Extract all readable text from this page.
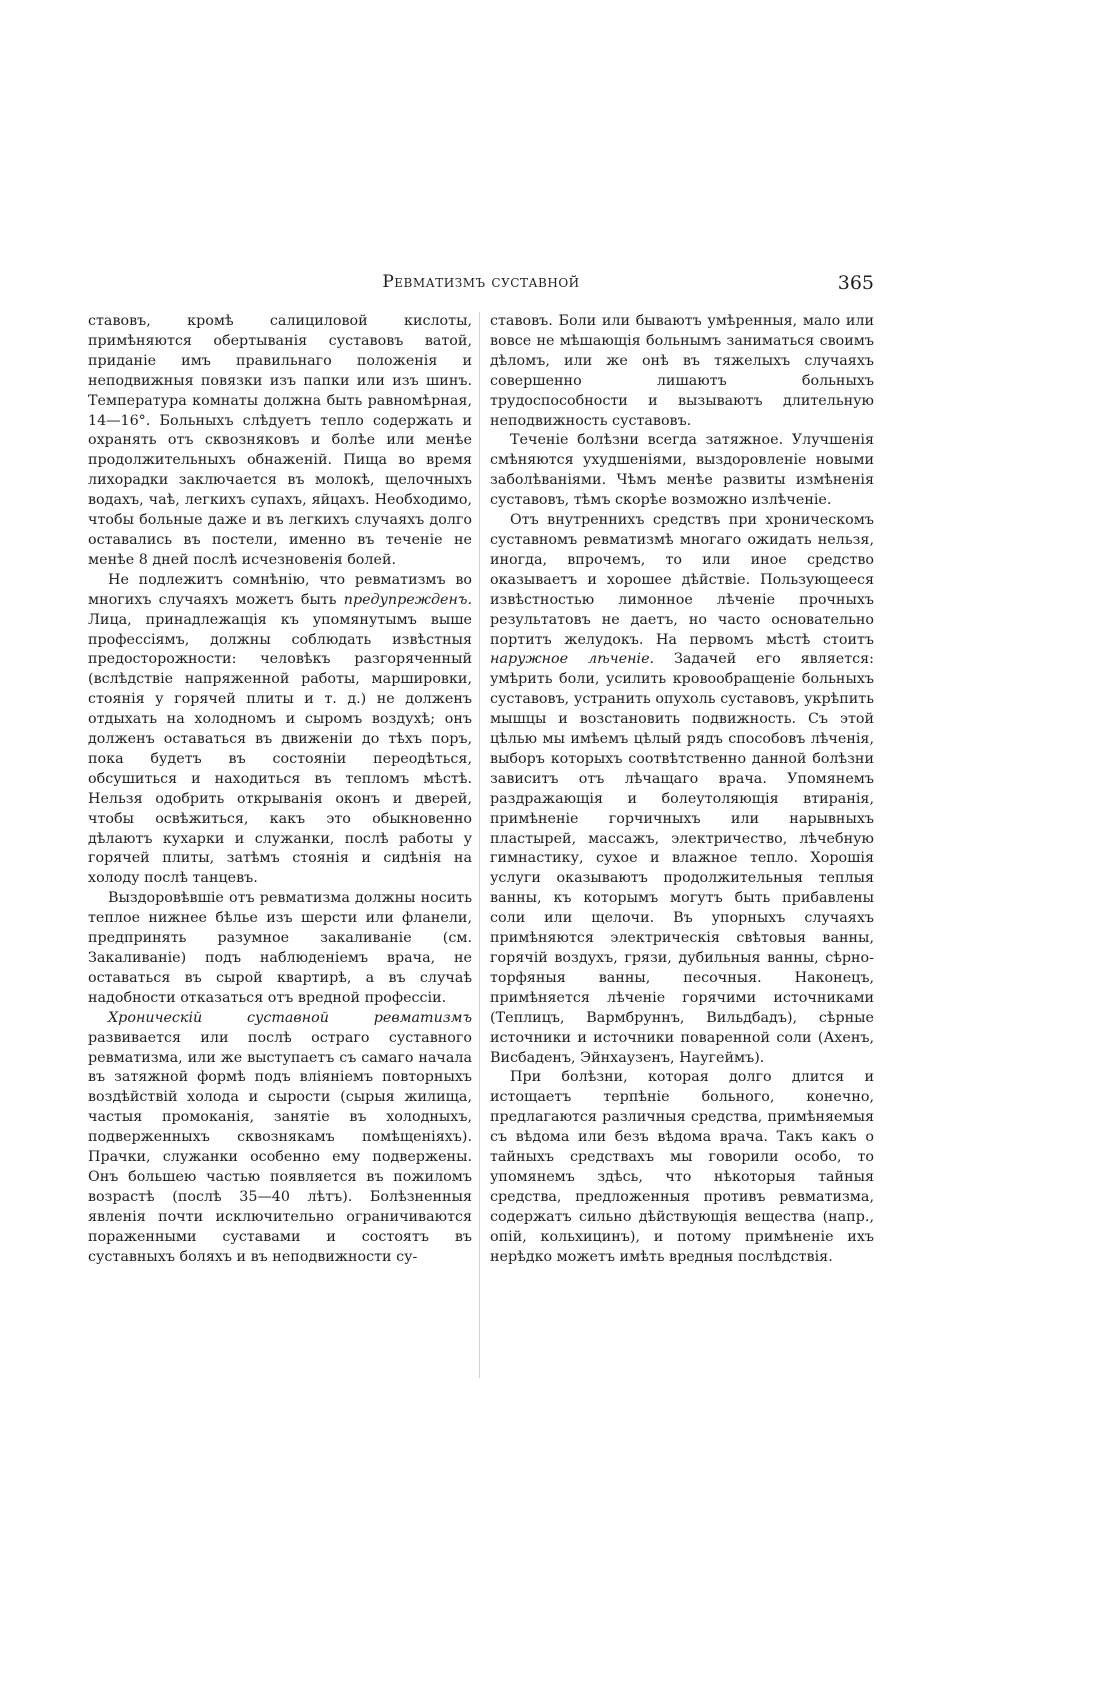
Ревматизмъ суставной	365

ставовъ, кромѣ салициловой кислоты, примѣняются обертыванія суставовъ ватой, приданіе имъ правильнаго положенія и неподвижныя повязки изъ папки или изъ шинъ. Температура комнаты должна быть равномѣрная, 14—16°. Больныхъ слѣдуетъ тепло содержать и охранять отъ сквозняковъ и болѣе или менѣе продолжительныхъ обнаженій. Пища во время лихорадки заключается въ молокѣ, щелочныхъ водахъ, чаѣ, легкихъ супахъ, яйцахъ. Необходимо, чтобы больные даже и въ легкихъ случаяхъ долго оставались въ постели, именно въ теченіе не менѣе 8 дней послѣ исчезновенія болей.

Не подлежитъ сомнѣнію, что ревматизмъ во многихъ случаяхъ можетъ быть предупрежденъ. Лица, принадлежащія къ упомянутымъ выше профессіямъ, должны соблюдать извѣстныя предосторожности: человѣкъ разгоряченный (вслѣдствіе напряженной работы, маршировки, стоянія у горячей плиты и т. д.) не долженъ отдыхать на холодномъ и сыромъ воздухѣ; онъ долженъ оставаться въ движеніи до тѣхъ поръ, пока будетъ въ состояніи переодѣться, обсушиться и находиться въ тепломъ мѣстѣ. Нельзя одобрить открыванія оконъ и дверей, чтобы освѣжиться, какъ это обыкновенно дѣлаютъ кухарки и служанки, послѣ работы у горячей плиты, затѣмъ стоянія и сидѣнія на холоду послѣ танцевъ.

Выздоровѣвшіе отъ ревматизма должны носить теплое нижнее бѣлье изъ шерсти или фланели, предпринять разумное закаливаніе (см. Закаливаніе) подъ наблюденіемъ врача, не оставаться въ сырой квартирѣ, а въ случаѣ надобности отказаться отъ вредной профессіи.

Хроническій суставной ревматизмъ развивается или послѣ остраго суставного ревматизма, или же выступаетъ съ самаго начала въ затяжной формѣ подъ вліяніемъ повторныхъ воздѣйствій холода и сырости (сырыя жилища, частыя промоканія, занятіе въ холодныхъ, подверженныхъ сквознякамъ помѣщеніяхъ). Прачки, служанки особенно ему подвержены. Онъ большею частью появляется въ пожиломъ возрастѣ (послѣ 35—40 лѣтъ). Болѣзненныя явленія почти исключительно ограничиваются пораженными суставами и состоятъ въ суставныхъ боляхъ и въ неподвижности су-

ставовъ. Боли или бываютъ умѣренныя, мало или вовсе не мѣшающія больнымъ заниматься своимъ дѣломъ, или же онѣ въ тяжелыхъ случаяхъ совершенно лишаютъ больныхъ трудоспособности и вызываютъ длительную неподвижность суставовъ.

Теченіе болѣзни всегда затяжное. Улучшенія смѣняются ухудшеніями, выздоровленіе новыми заболѣваніями. Чѣмъ менѣе развиты измѣненія суставовъ, тѣмъ скорѣе возможно излѣченіе.

Отъ внутреннихъ средствъ при хроническомъ суставномъ ревматизмѣ многаго ожидать нельзя, иногда, впрочемъ, то или иное средство оказываетъ и хорошее дѣйствіе. Пользующееся извѣстностью лимонное лѣченіе прочныхъ результатовъ не даетъ, но часто основательно портитъ желудокъ. На первомъ мѣстѣ стоитъ наружное лѣченіе. Задачей его является: умѣрить боли, усилить кровообращеніе больныхъ суставовъ, устранить опухоль суставовъ, укрѣпить мышцы и возстановить подвижность. Съ этой цѣлью мы имѣемъ цѣлый рядъ способовъ лѣченія, выборъ которыхъ соотвѣтственно данной болѣзни зависитъ отъ лѣчащаго врача. Упомянемъ раздражающія и болеутоляющія втиранія, примѣненіе горчичныхъ или нарывныхъ пластырей, массажъ, электричество, лѣчебную гимнастику, сухое и влажное тепло. Хорошія услуги оказываютъ продолжительныя теплыя ванны, къ которымъ могутъ быть прибавлены соли или щелочи. Въ упорныхъ случаяхъ примѣняются электрическія свѣтовыя ванны, горячій воздухъ, грязи, дубильныя ванны, сѣрно-торфяныя ванны, песочныя. Наконецъ, примѣняется лѣченіе горячими источниками (Теплицъ, Вармбруннъ, Вильдбадъ), сѣрные источники и источники поваренной соли (Ахенъ, Висбаденъ, Эйнхаузенъ, Наугеймъ).

При болѣзни, которая долго длится и истощаетъ терпѣніе больного, конечно, предлагаются различныя средства, примѣняемыя съ вѣдома или безъ вѣдома врача. Такъ какъ о тайныхъ средствахъ мы говорили особо, то упомянемъ здѣсь, что нѣкоторыя тайныя средства, предложенныя противъ ревматизма, содержатъ сильно дѣйствующія вещества (напр., опій, кольхицинъ), и потому примѣненіе ихъ нерѣдко можетъ имѣть вредныя послѣдствія.
